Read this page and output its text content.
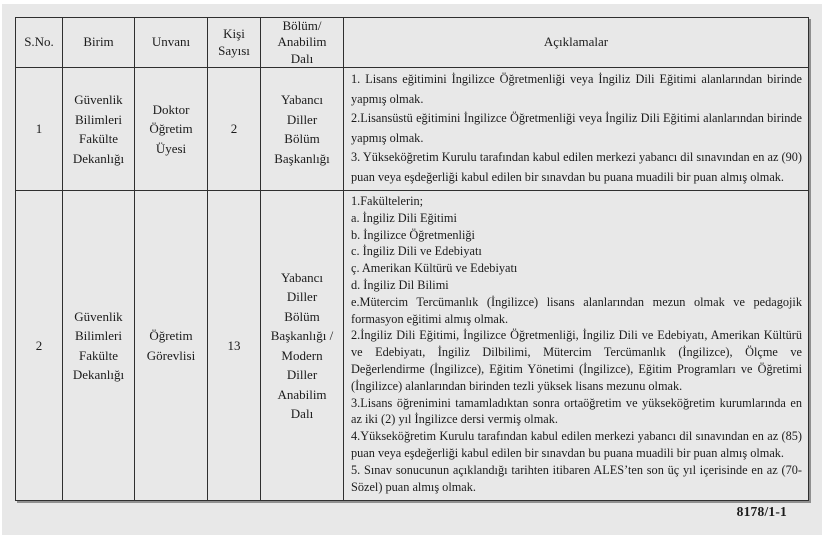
S.No.	Birim	Unvanı	Kişi Sayısı	Bölüm/ Anabilim Dalı	Açıklamalar
1	Güvenlik Bilimleri Fakülte Dekanlığı	Doktor Öğretim Üyesi	2	Yabancı Diller Bölüm Başkanlığı	1. Lisans eğitimini İngilizce Öğretmenliği veya İngiliz Dili Eğitimi alanlarından birinde yapmış olmak.
2.Lisansüstü eğitimini İngilizce Öğretmenliği veya İngiliz Dili Eğitimi alanlarından birinde yapmış olmak.
3. Yükseköğretim Kurulu tarafından kabul edilen merkezi yabancı dil sınavından en az (90) puan veya eşdeğerliği kabul edilen bir sınavdan bu puana muadili bir puan almış olmak.

2	Güvenlik Bilimleri Fakülte Dekanlığı	Öğretim Görevlisi	13	Yabancı Diller Bölüm Başkanlığı / Modern Diller Anabilim Dalı	
1.Fakültelerin;
a. İngiliz Dili Eğitimi
b. İngilizce Öğretmenliği
c. İngiliz Dili ve Edebiyatı
ç. Amerikan Kültürü ve Edebiyatı
d. İngiliz Dil Bilimi
e.Mütercim Tercümanlık (İngilizce) lisans alanlarından mezun olmak ve pedagojik formasyon eğitimi almış olmak.
2.İngiliz Dili Eğitimi, İngilizce Öğretmenliği, İngiliz Dili ve Edebiyatı, Amerikan Kültürü ve Edebiyatı, İngiliz Dilbilimi, Mütercim Tercümanlık (İngilizce), Ölçme ve Değerlendirme (İngilizce), Eğitim Yönetimi (İngilizce), Eğitim Programları ve Öğretimi (İngilizce) alanlarından birinden tezli yüksek lisans mezunu olmak.
3.Lisans öğrenimini tamamladıktan sonra ortaöğretim ve yükseköğretim kurumlarında en az iki (2) yıl İngilizce dersi vermiş olmak.
4.Yükseköğretim Kurulu tarafından kabul edilen merkezi yabancı dil sınavından en az (85) puan veya eşdeğerliği kabul edilen bir sınavdan bu puana muadili bir puan almış olmak.
5. Sınav sonucunun açıklandığı tarihten itibaren ALES’ten son üç yıl içerisinde en az (70-Sözel) puan almış olmak.
8178/1-1
